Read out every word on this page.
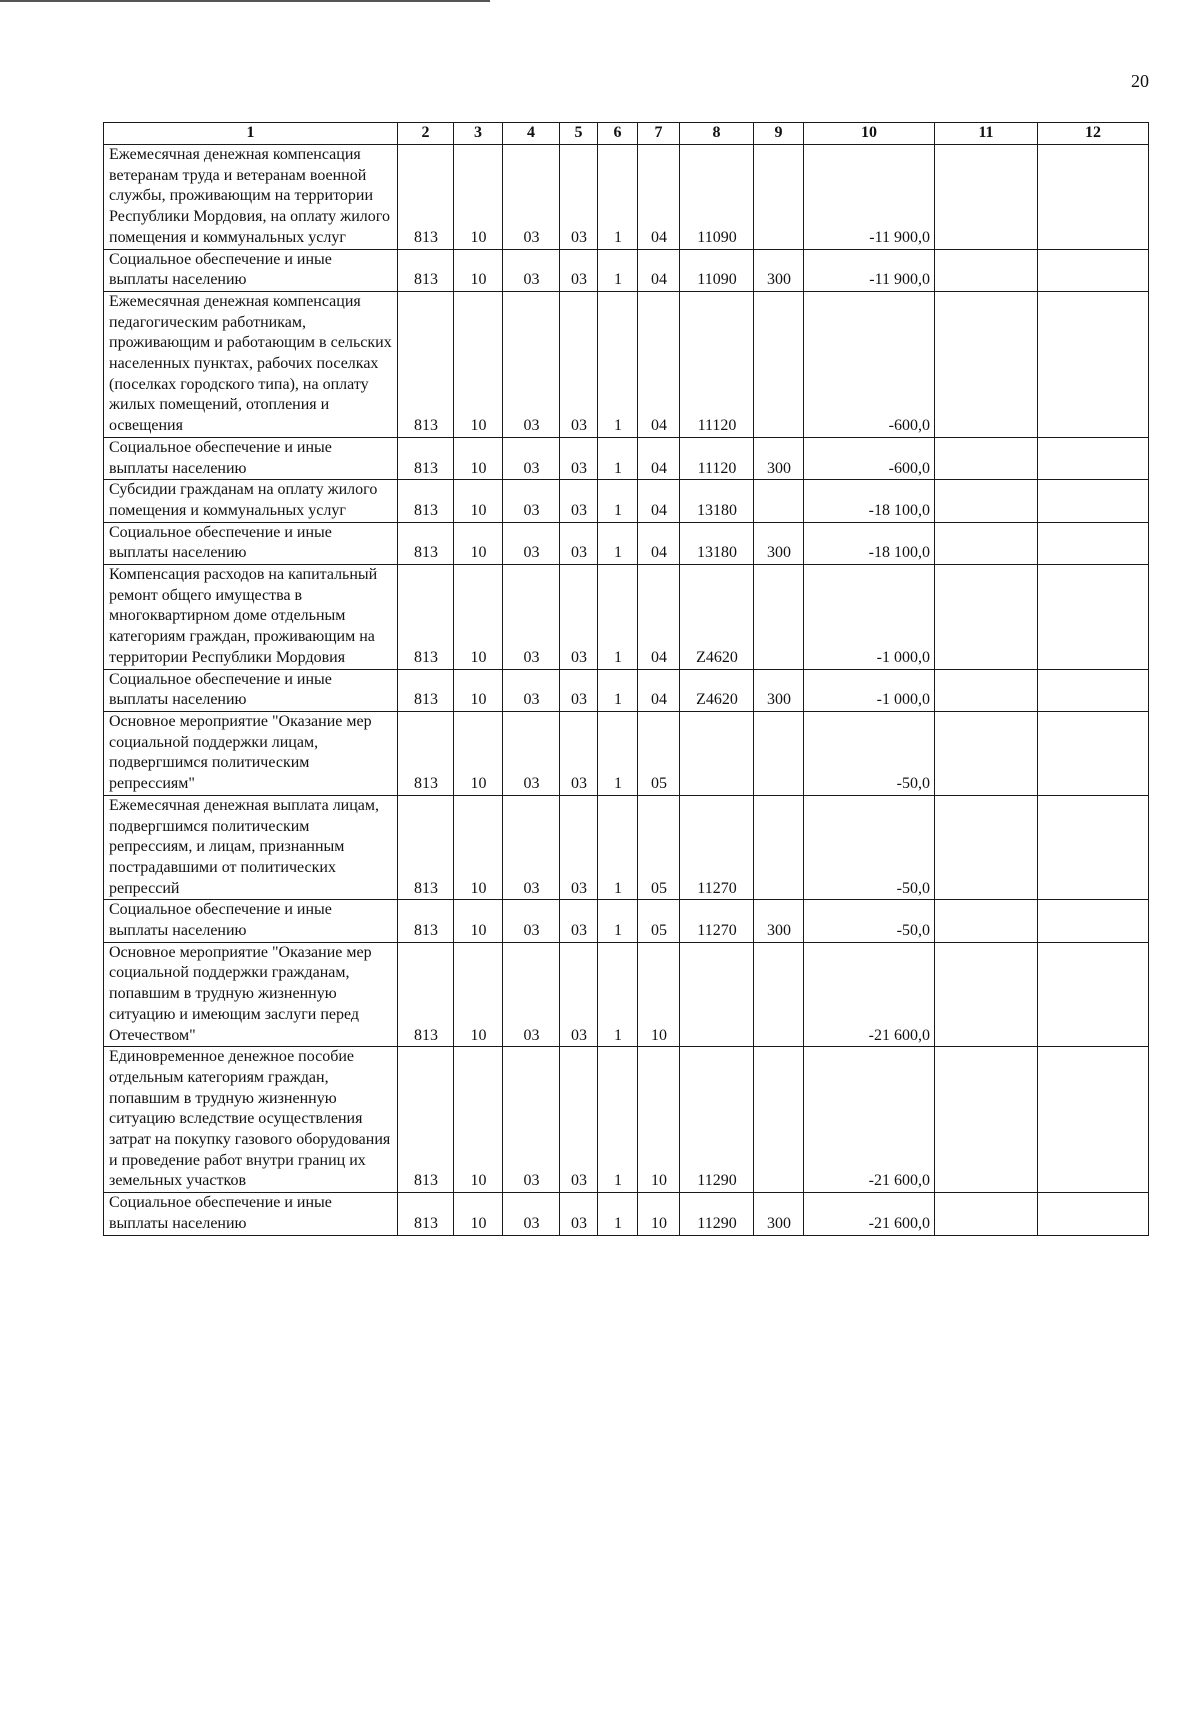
20
1	2	3	4	5	6	7	8	9	10	11	12
Ежемесячная денежная компенсация ветеранам труда и ветеранам военной службы, проживающим на территории Республики Мордовия, на оплату жилого помещения и коммунальных услуг	813	10	03	03	1	04	11090		-11 900,0		
Социальное обеспечение и иные выплаты населению	813	10	03	03	1	04	11090	300	-11 900,0		
Ежемесячная денежная компенсация педагогическим работникам, проживающим и работающим в сельских населенных пунктах, рабочих поселках (поселках городского типа), на оплату жилых помещений, отопления и освещения	813	10	03	03	1	04	11120		-600,0		
Социальное обеспечение и иные выплаты населению	813	10	03	03	1	04	11120	300	-600,0		
Субсидии гражданам на оплату жилого помещения и коммунальных услуг	813	10	03	03	1	04	13180		-18 100,0		
Социальное обеспечение и иные выплаты населению	813	10	03	03	1	04	13180	300	-18 100,0		
Компенсация расходов на капитальный ремонт общего имущества в многоквартирном доме отдельным категориям граждан, проживающим на территории Республики Мордовия	813	10	03	03	1	04	Z4620		-1 000,0		
Социальное обеспечение и иные выплаты населению	813	10	03	03	1	04	Z4620	300	-1 000,0		
Основное мероприятие "Оказание мер социальной поддержки лицам, подвергшимся политическим репрессиям"	813	10	03	03	1	05			-50,0		
Ежемесячная денежная выплата лицам, подвергшимся политическим репрессиям, и лицам, признанным пострадавшими от политических репрессий	813	10	03	03	1	05	11270		-50,0		
Социальное обеспечение и иные выплаты населению	813	10	03	03	1	05	11270	300	-50,0		
Основное мероприятие "Оказание мер социальной поддержки гражданам, попавшим в трудную жизненную ситуацию и имеющим заслуги перед Отечеством"	813	10	03	03	1	10			-21 600,0		
Единовременное денежное пособие отдельным категориям граждан, попавшим в трудную жизненную ситуацию вследствие осуществления затрат на покупку газового оборудования и проведение работ внутри границ их земельных участков	813	10	03	03	1	10	11290		-21 600,0		
Социальное обеспечение и иные выплаты населению	813	10	03	03	1	10	11290	300	-21 600,0		
